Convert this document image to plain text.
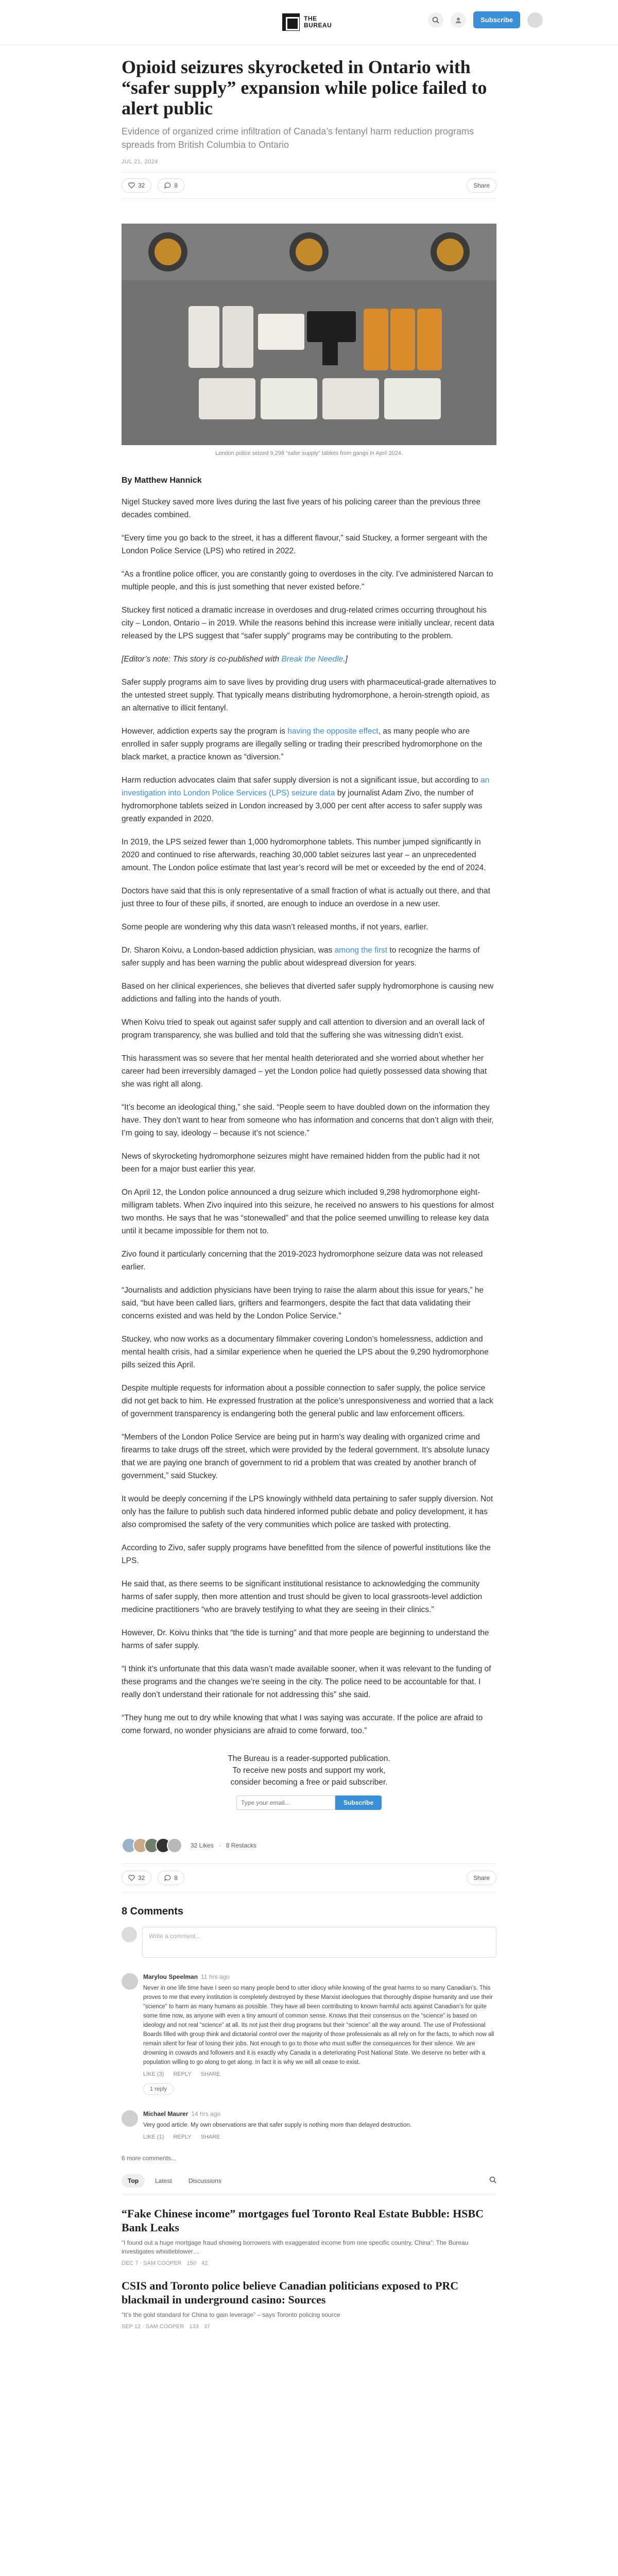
THE
BUREAU
Subscribe
Opioid seizures skyrocketed in Ontario with “safer supply” expansion while police failed to alert public

Evidence of organized crime infiltration of Canada’s fentanyl harm reduction programs spreads from British Columbia to Ontario

JUL 21, 2024

32	8	Share

London police seized 9,298 “safer supply” tablets from gangs in April 2024.

By Matthew Hannick

Nigel Stuckey saved more lives during the last five years of his policing career than the previous three decades combined.

“Every time you go back to the street, it has a different flavour,” said Stuckey, a former sergeant with the London Police Service (LPS) who retired in 2022.

“As a frontline police officer, you are constantly going to overdoses in the city. I’ve administered Narcan to multiple people, and this is just something that never existed before.”

Stuckey first noticed a dramatic increase in overdoses and drug-related crimes occurring throughout his city – London, Ontario – in 2019. While the reasons behind this increase were initially unclear, recent data released by the LPS suggest that “safer supply” programs may be contributing to the problem.

[Editor’s note: This story is co-published with Break the Needle.]

Safer supply programs aim to save lives by providing drug users with pharmaceutical-grade alternatives to the untested street supply. That typically means distributing hydromorphone, a heroin-strength opioid, as an alternative to illicit fentanyl.

However, addiction experts say the program is having the opposite effect, as many people who are enrolled in safer supply programs are illegally selling or trading their prescribed hydromorphone on the black market, a practice known as “diversion.”

Harm reduction advocates claim that safer supply diversion is not a significant issue, but according to an investigation into London Police Services (LPS) seizure data by journalist Adam Zivo, the number of hydromorphone tablets seized in London increased by 3,000 per cent after access to safer supply was greatly expanded in 2020.

In 2019, the LPS seized fewer than 1,000 hydromorphone tablets. This number jumped significantly in 2020 and continued to rise afterwards, reaching 30,000 tablet seizures last year – an unprecedented amount. The London police estimate that last year’s record will be met or exceeded by the end of 2024.

Doctors have said that this is only representative of a small fraction of what is actually out there, and that just three to four of these pills, if snorted, are enough to induce an overdose in a new user.

Some people are wondering why this data wasn’t released months, if not years, earlier.

Dr. Sharon Koivu, a London-based addiction physician, was among the first to recognize the harms of safer supply and has been warning the public about widespread diversion for years.

Based on her clinical experiences, she believes that diverted safer supply hydromorphone is causing new addictions and falling into the hands of youth.

When Koivu tried to speak out against safer supply and call attention to diversion and an overall lack of program transparency, she was bullied and told that the suffering she was witnessing didn’t exist.

This harassment was so severe that her mental health deteriorated and she worried about whether her career had been irreversibly damaged – yet the London police had quietly possessed data showing that she was right all along.

“It’s become an ideological thing,” she said. “People seem to have doubled down on the information they have. They don’t want to hear from someone who has information and concerns that don’t align with their, I’m going to say, ideology – because it’s not science.”

News of skyrocketing hydromorphone seizures might have remained hidden from the public had it not been for a major bust earlier this year.

On April 12, the London police announced a drug seizure which included 9,298 hydromorphone eight-milligram tablets. When Zivo inquired into this seizure, he received no answers to his questions for almost two months. He says that he was “stonewalled” and that the police seemed unwilling to release key data until it became impossible for them not to.

Zivo found it particularly concerning that the 2019-2023 hydromorphone seizure data was not released earlier.

“Journalists and addiction physicians have been trying to raise the alarm about this issue for years,” he said, “but have been called liars, grifters and fearmongers, despite the fact that data validating their concerns existed and was held by the London Police Service.”

Stuckey, who now works as a documentary filmmaker covering London’s homelessness, addiction and mental health crisis, had a similar experience when he queried the LPS about the 9,290 hydromorphone pills seized this April.

Despite multiple requests for information about a possible connection to safer supply, the police service did not get back to him. He expressed frustration at the police’s unresponsiveness and worried that a lack of government transparency is endangering both the general public and law enforcement officers.

“Members of the London Police Service are being put in harm’s way dealing with organized crime and firearms to take drugs off the street, which were provided by the federal government. It’s absolute lunacy that we are paying one branch of government to rid a problem that was created by another branch of government,” said Stuckey.

It would be deeply concerning if the LPS knowingly withheld data pertaining to safer supply diversion. Not only has the failure to publish such data hindered informed public debate and policy development, it has also compromised the safety of the very communities which police are tasked with protecting.

According to Zivo, safer supply programs have benefitted from the silence of powerful institutions like the LPS.

He said that, as there seems to be significant institutional resistance to acknowledging the community harms of safer supply, then more attention and trust should be given to local grassroots-level addiction medicine practitioners “who are bravely testifying to what they are seeing in their clinics.”

However, Dr. Koivu thinks that “the tide is turning” and that more people are beginning to understand the harms of safer supply.

“I think it’s unfortunate that this data wasn’t made available sooner, when it was relevant to the funding of these programs and the changes we’re seeing in the city. The police need to be accountable for that. I really don’t understand their rationale for not addressing this” she said.

“They hung me out to dry while knowing that what I was saying was accurate. If the police are afraid to come forward, no wonder physicians are afraid to come forward, too.”

The Bureau is a reader-supported publication.

To receive new posts and support my work,

consider becoming a free or paid subscriber.

Type your email...
Subscribe
32 Likes · 8 Restacks
32	8	Share
8 Comments
Write a comment...

Marylou Speelman 11 hrs ago

Never in one life time have I seen so many people bend to utter idiocy while knowing of the great harms to so many Canadian’s. This proves to me that every institution is completely destroyed by these Marxist ideologues that thoroughly dispise humanity and use their “science” to harm as many humans as possible. They have all been contributing to known harmful acts against Canadian’s for quite some time now, as anyone with even a tiny amount of common sense. Knows that their consensus on the “science” is based on ideology and not real “science” at all. Its not just their drug programs but their “science” all the way around. The use of Professional Boards filled with group think and dictatorial control over the majority of those professionals as all rely on for the facts, to which now all remain silent for fear of losing their jobs. Not enough to go to those who must suffer the consequences for their silence. We are drowning in cowards and followers and it is exactly why Canada is a deteriorating Post National State. We deserve no better with a population willing to go along to get along. In fact it is why we will all cease to exist.

LIKE (3) REPLY SHARE
1 reply

Michael Maurer 14 hrs ago

Very good article. My own observations are that safer supply is nothing more than delayed destruction.

LIKE (1) REPLY SHARE

6 more comments...

Top	Latest	Discussions
“Fake Chinese income” mortgages fuel Toronto Real Estate Bubble: HSBC Bank Leaks

“I found out a huge mortgage fraud showing borrowers with exaggerated income from one specific country, China”: The Bureau investigates whistleblower…

DEC 7 · SAM COOPER 150 42
CSIS and Toronto police believe Canadian politicians exposed to PRC blackmail in underground casino: Sources

“It’s the gold standard for China to gain leverage” – says Toronto policing source

SEP 12 · SAM COOPER 133 37
